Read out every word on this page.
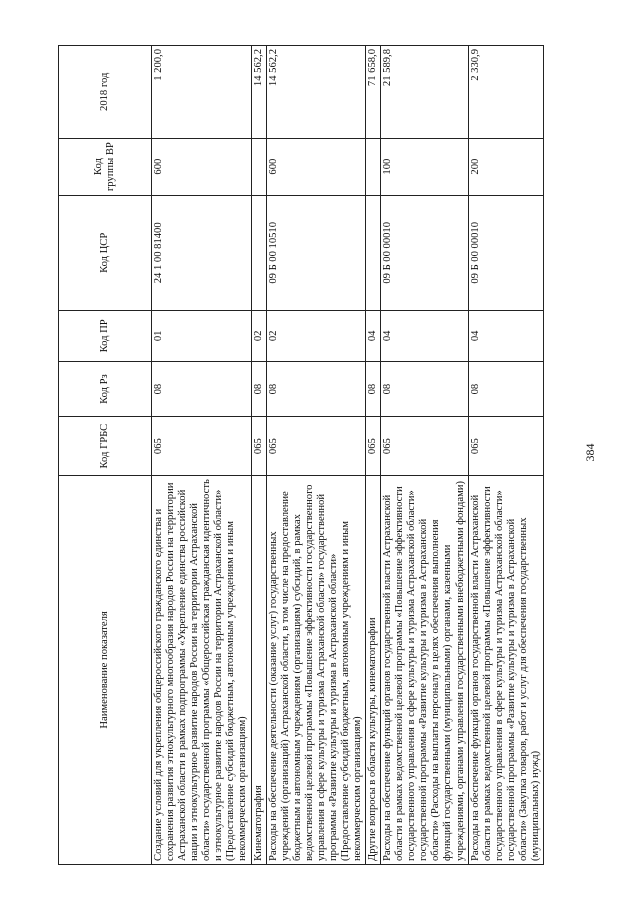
384
Наименование показателя	Код ГРБС	Код Рз	Код ПР	Код ЦСР	Код группы ВР	2018 год
Создание условий для укрепления общероссийского гражданского единства и сохранения развития этнокультурного многообразия народов России на территории Астраханской области в рамках подпрограммы «Укрепление единства российской нации и этнокультурное развитие народов России на территории Астраханской области» государственной программы «Общероссийская гражданская идентичность и этнокультурное развитие народов России на территории Астраханской области» (Предоставление субсидий бюджетным, автономным учреждениям и иным некоммерческим организациям)	065	08	01	24 1 00 81400	600	1 200,0
Кинематография	065	08	02			14 562,2
Расходы на обеспечение деятельности (оказание услуг) государственных учреждений (организаций) Астраханской области, в том числе на предоставление бюджетным и автономным учреждениям (организациям) субсидий, в рамках ведомственной целевой программы «Повышение эффективности государственного управления в сфере культуры и туризма Астраханской области» государственной программы «Развитие культуры и туризма в Астраханской области» (Предоставление субсидий бюджетным, автономным учреждениям и иным некоммерческим организациям)	065	08	02	09 Б 00 10510	600	14 562,2
Другие вопросы в области культуры, кинематографии	065	08	04			71 658,0
Расходы на обеспечение функций органов государственной власти Астраханской области в рамках ведомственной целевой программы «Повышение эффективности государственного управления в сфере культуры и туризма Астраханской области» государственной программы «Развитие культуры и туризма в Астраханской области» (Расходы на выплаты персоналу в целях обеспечения выполнения функций государственными (муниципальными) органами, казенными учреждениями, органами управления государственными внебюджетными фондами)	065	08	04	09 Б 00 00010	100	21 589,8
Расходы на обеспечение функций органов государственной власти Астраханской области в рамках ведомственной целевой программы «Повышение эффективности государственного управления в сфере культуры и туризма Астраханской области» государственной программы «Развитие культуры и туризма в Астраханской области» (Закупка товаров, работ и услуг для обеспечения государственных (муниципальных) нужд)	065	08	04	09 Б 00 00010	200	2 330,9
